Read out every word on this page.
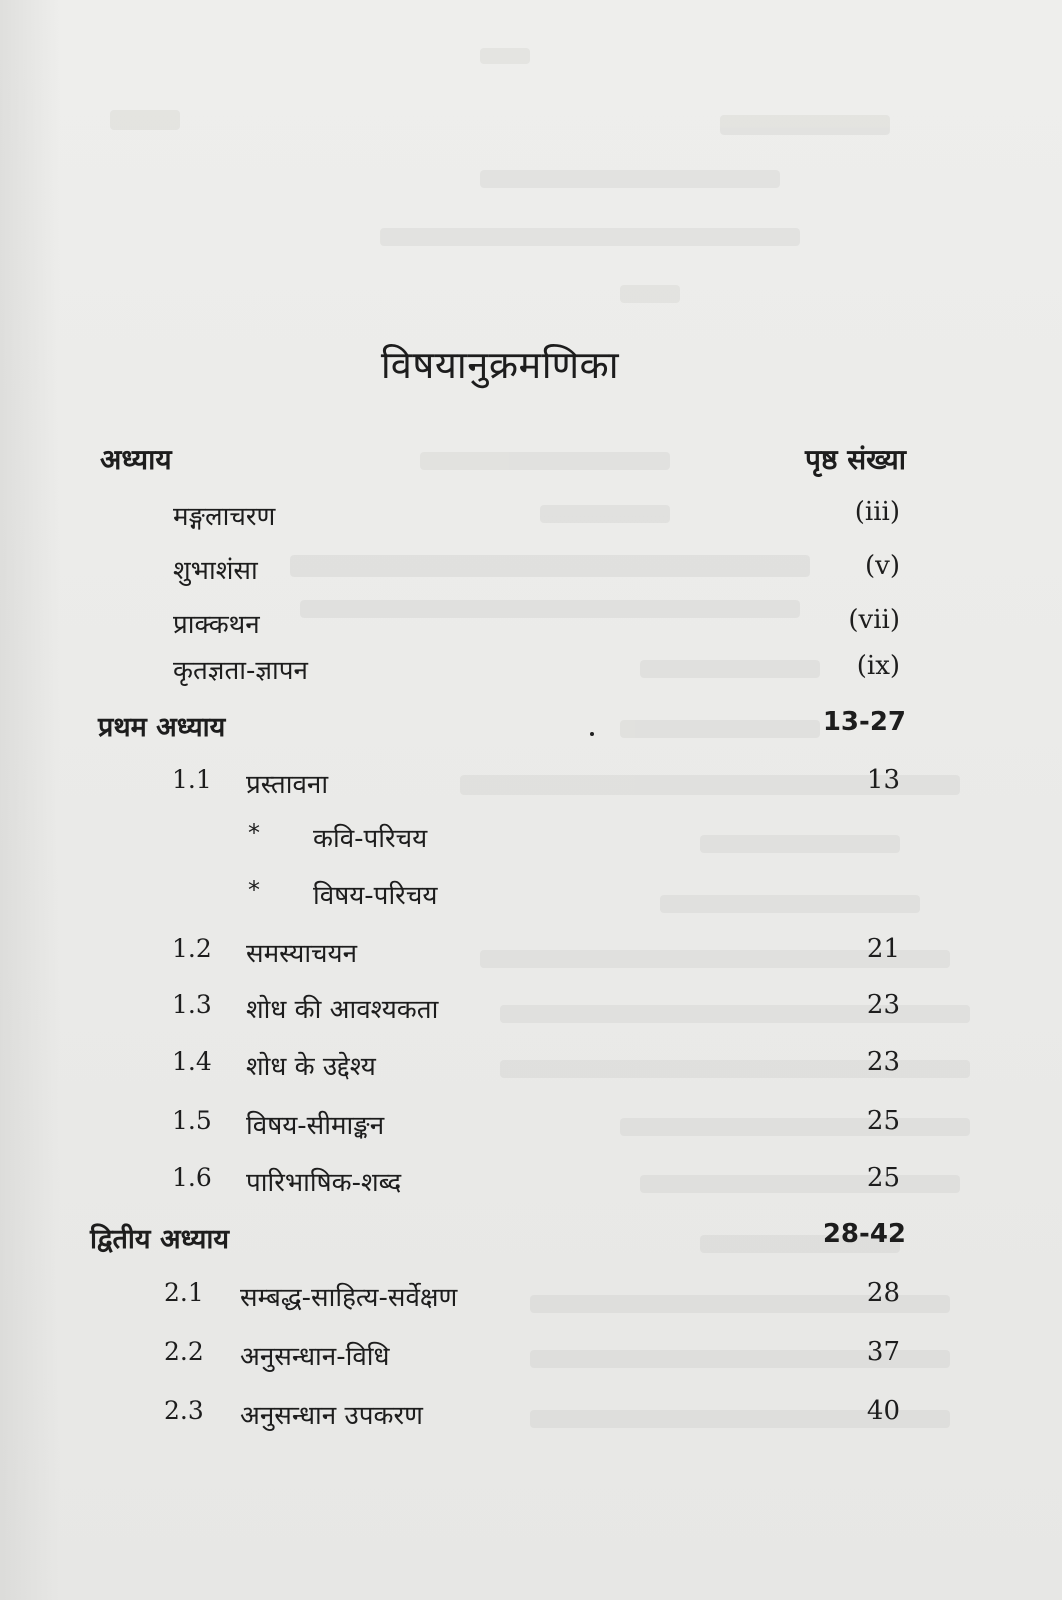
विषयानुक्रमणिका
अध्याय	पृष्ठ संख्या
मङ्गलाचरण	(iii)
शुभाशंसा	(v)
प्राक्कथन	(vii)
कृतज्ञता-ज्ञापन	(ix)
प्रथम अध्याय	13-27
1.1 प्रस्तावना	13
* कवि-परिचय
* विषय-परिचय
1.2 समस्याचयन	21
1.3 शोध की आवश्यकता	23
1.4 शोध के उद्देश्य	23
1.5 विषय-सीमाङ्कन	25
1.6 पारिभाषिक-शब्द	25
द्वितीय अध्याय	28-42
2.1 सम्बद्ध-साहित्य-सर्वेक्षण	28
2.2 अनुसन्धान-विधि	37
2.3 अनुसन्धान उपकरण	40
